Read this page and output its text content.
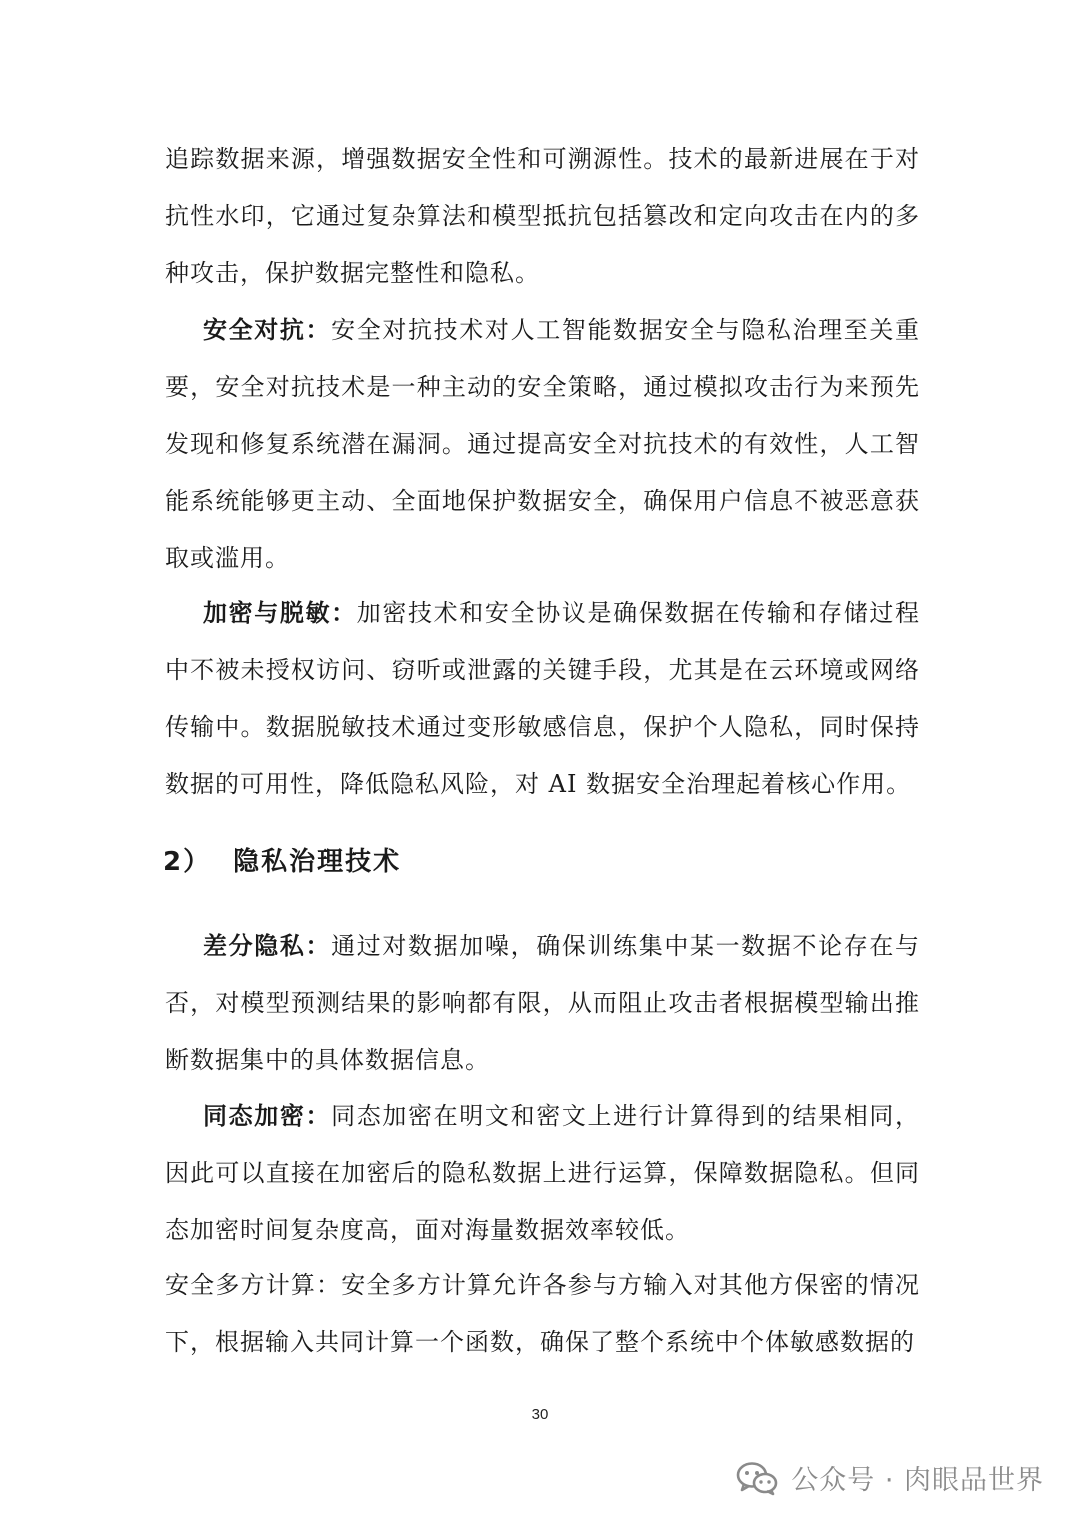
追踪数据来源，增强数据安全性和可溯源性。技术的最新进展在于对抗性水印，它通过复杂算法和模型抵抗包括篡改和定向攻击在内的多种攻击，保护数据完整性和隐私。

安全对抗：安全对抗技术对人工智能数据安全与隐私治理至关重要，安全对抗技术是一种主动的安全策略，通过模拟攻击行为来预先发现和修复系统潜在漏洞。通过提高安全对抗技术的有效性，人工智能系统能够更主动、全面地保护数据安全，确保用户信息不被恶意获取或滥用。

加密与脱敏：加密技术和安全协议是确保数据在传输和存储过程中不被未授权访问、窃听或泄露的关键手段，尤其是在云环境或网络传输中。数据脱敏技术通过变形敏感信息，保护个人隐私，同时保持数据的可用性，降低隐私风险，对 AI 数据安全治理起着核心作用。

2） 隐私治理技术

差分隐私：通过对数据加噪，确保训练集中某一数据不论存在与否，对模型预测结果的影响都有限，从而阻止攻击者根据模型输出推断数据集中的具体数据信息。

同态加密：同态加密在明文和密文上进行计算得到的结果相同，因此可以直接在加密后的隐私数据上进行运算，保障数据隐私。但同态加密时间复杂度高，面对海量数据效率较低。

安全多方计算：安全多方计算允许各参与方输入对其他方保密的情况下，根据输入共同计算一个函数，确保了整个系统中个体敏感数据的

30
公众号 · 肉眼品世界
